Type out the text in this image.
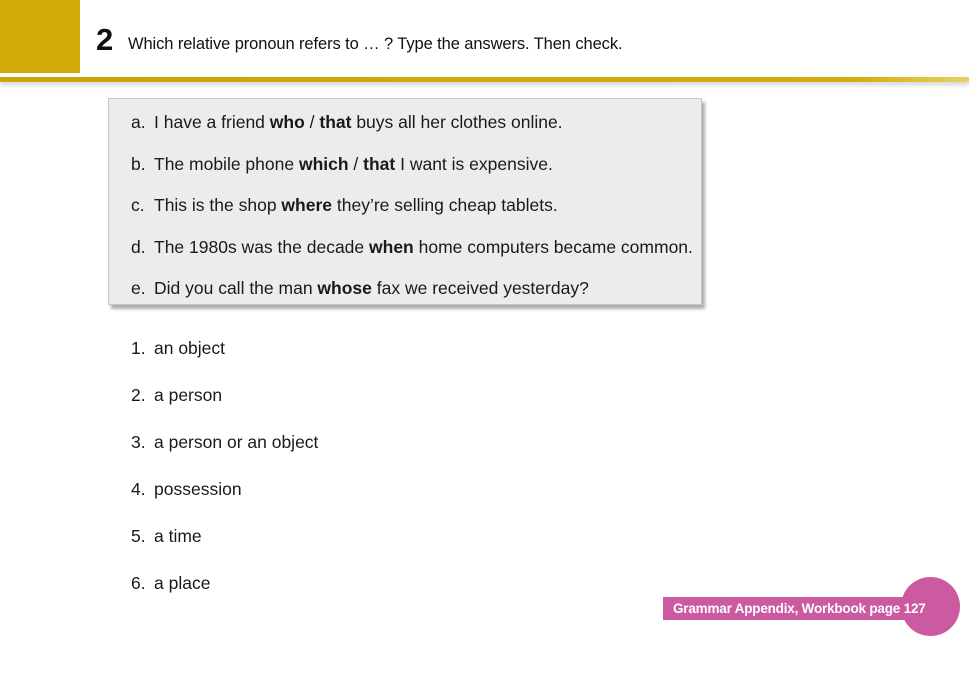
2 Which relative pronoun refers to … ? Type the answers. Then check.
a. I have a friend who / that buys all her clothes online.
b. The mobile phone which / that I want is expensive.
c. This is the shop where they’re selling cheap tablets.
d. The 1980s was the decade when home computers became common.
e. Did you call the man whose fax we received yesterday?
1. an object
2. a person
3. a person or an object
4. possession
5. a time
6. a place
Grammar Appendix, Workbook page 127
